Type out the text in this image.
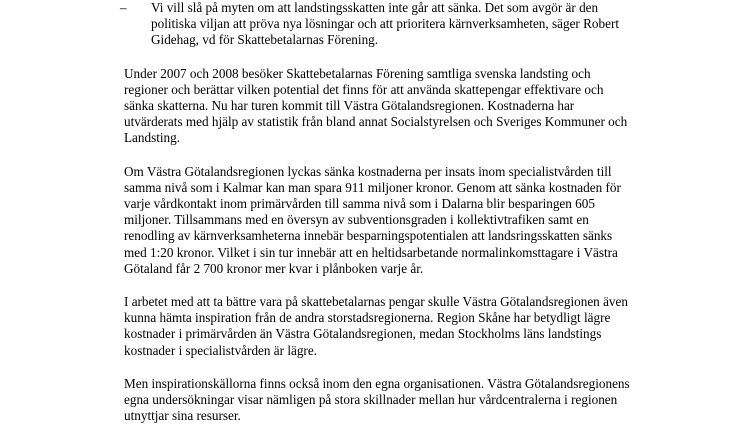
–	Vi vill slå på myten om att landstingsskatten inte går att sänka. Det som avgör är den
politiska viljan att pröva nya lösningar och att prioritera kärnverksamheten, säger Robert
Gidehag, vd för Skattebetalarnas Förening.

Under 2007 och 2008 besöker Skattebetalarnas Förening samtliga svenska landsting och
regioner och berättar vilken potential det finns för att använda skattepengar effektivare och
sänka skatterna. Nu har turen kommit till Västra Götalandsregionen. Kostnaderna har
utvärderats med hjälp av statistik från bland annat Socialstyrelsen och Sveriges Kommuner och
Landsting.

Om Västra Götalandsregionen lyckas sänka kostnaderna per insats inom specialistvården till
samma nivå som i Kalmar kan man spara 911 miljoner kronor. Genom att sänka kostnaden för
varje vårdkontakt inom primärvården till samma nivå som i Dalarna blir besparingen 605
miljoner. Tillsammans med en översyn av subventionsgraden i kollektivtrafiken samt en
renodling av kärnverksamheterna innebär besparningspotentialen att landsringsskatten sänks
med 1:20 kronor. Vilket i sin tur innebär att en heltidsarbetande normalinkomsttagare i Västra
Götaland får 2 700 kronor mer kvar i plånboken varje år.

I arbetet med att ta bättre vara på skattebetalarnas pengar skulle Västra Götalandsregionen även
kunna hämta inspiration från de andra storstadsregionerna. Region Skåne har betydligt lägre
kostnader i primärvården än Västra Götalandsregionen, medan Stockholms läns landstings
kostnader i specialistvården är lägre.

Men inspirationskällorna finns också inom den egna organisationen. Västra Götalandsregionens
egna undersökningar visar nämligen på stora skillnader mellan hur vårdcentralerna i regionen
utnyttjar sina resurser.
